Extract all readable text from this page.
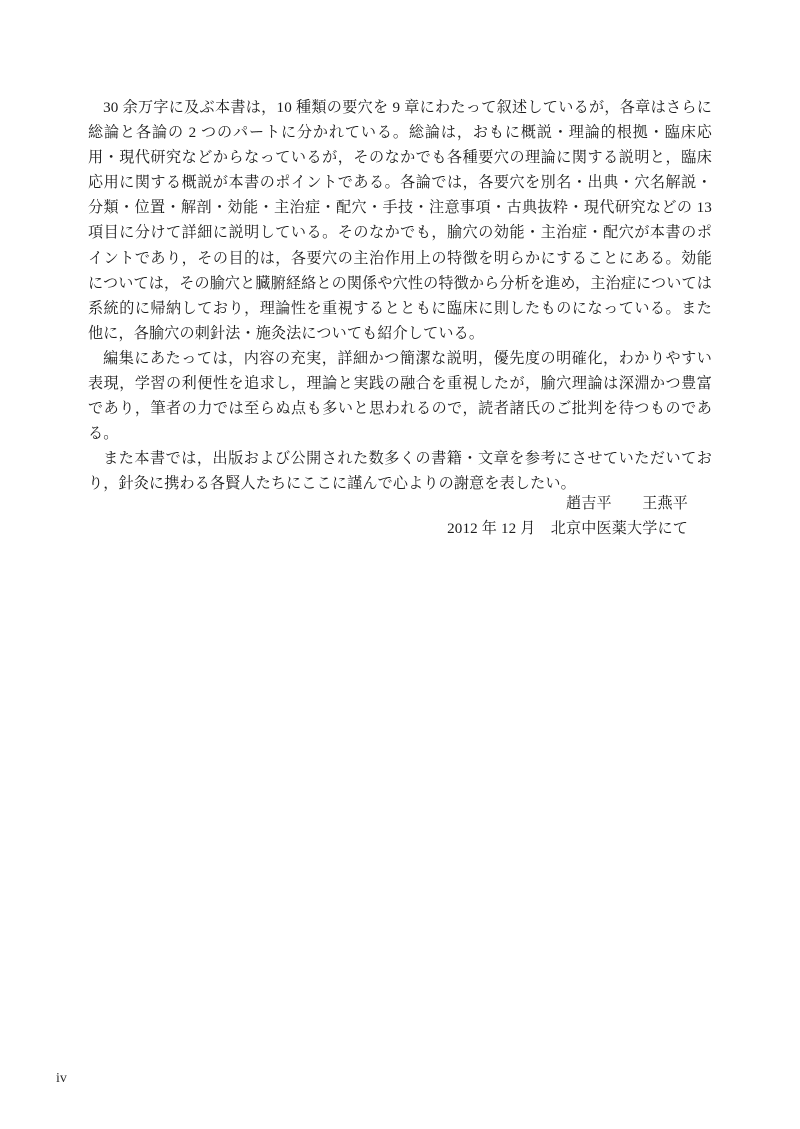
30 余万字に及ぶ本書は，10 種類の要穴を 9 章にわたって叙述しているが，各章はさらに総論と各論の 2 つのパートに分かれている。総論は，おもに概説・理論的根拠・臨床応用・現代研究などからなっているが，そのなかでも各種要穴の理論に関する説明と，臨床応用に関する概説が本書のポイントである。各論では，各要穴を別名・出典・穴名解説・分類・位置・解剖・効能・主治症・配穴・手技・注意事項・古典抜粋・現代研究などの 13 項目に分けて詳細に説明している。そのなかでも，腧穴の効能・主治症・配穴が本書のポイントであり，その目的は，各要穴の主治作用上の特徴を明らかにすることにある。効能については，その腧穴と臓腑経絡との関係や穴性の特徴から分析を進め，主治症については系統的に帰納しており，理論性を重視するとともに臨床に則したものになっている。また他に，各腧穴の刺針法・施灸法についても紹介している。

編集にあたっては，内容の充実，詳細かつ簡潔な説明，優先度の明確化，わかりやすい表現，学習の利便性を追求し，理論と実践の融合を重視したが，腧穴理論は深淵かつ豊富であり，筆者の力では至らぬ点も多いと思われるので，読者諸氏のご批判を待つものである。

また本書では，出版および公開された数多くの書籍・文章を参考にさせていただいており，針灸に携わる各賢人たちにここに謹んで心よりの謝意を表したい。

趙吉平　　王燕平
2012 年 12 月　北京中医薬大学にて
iv
